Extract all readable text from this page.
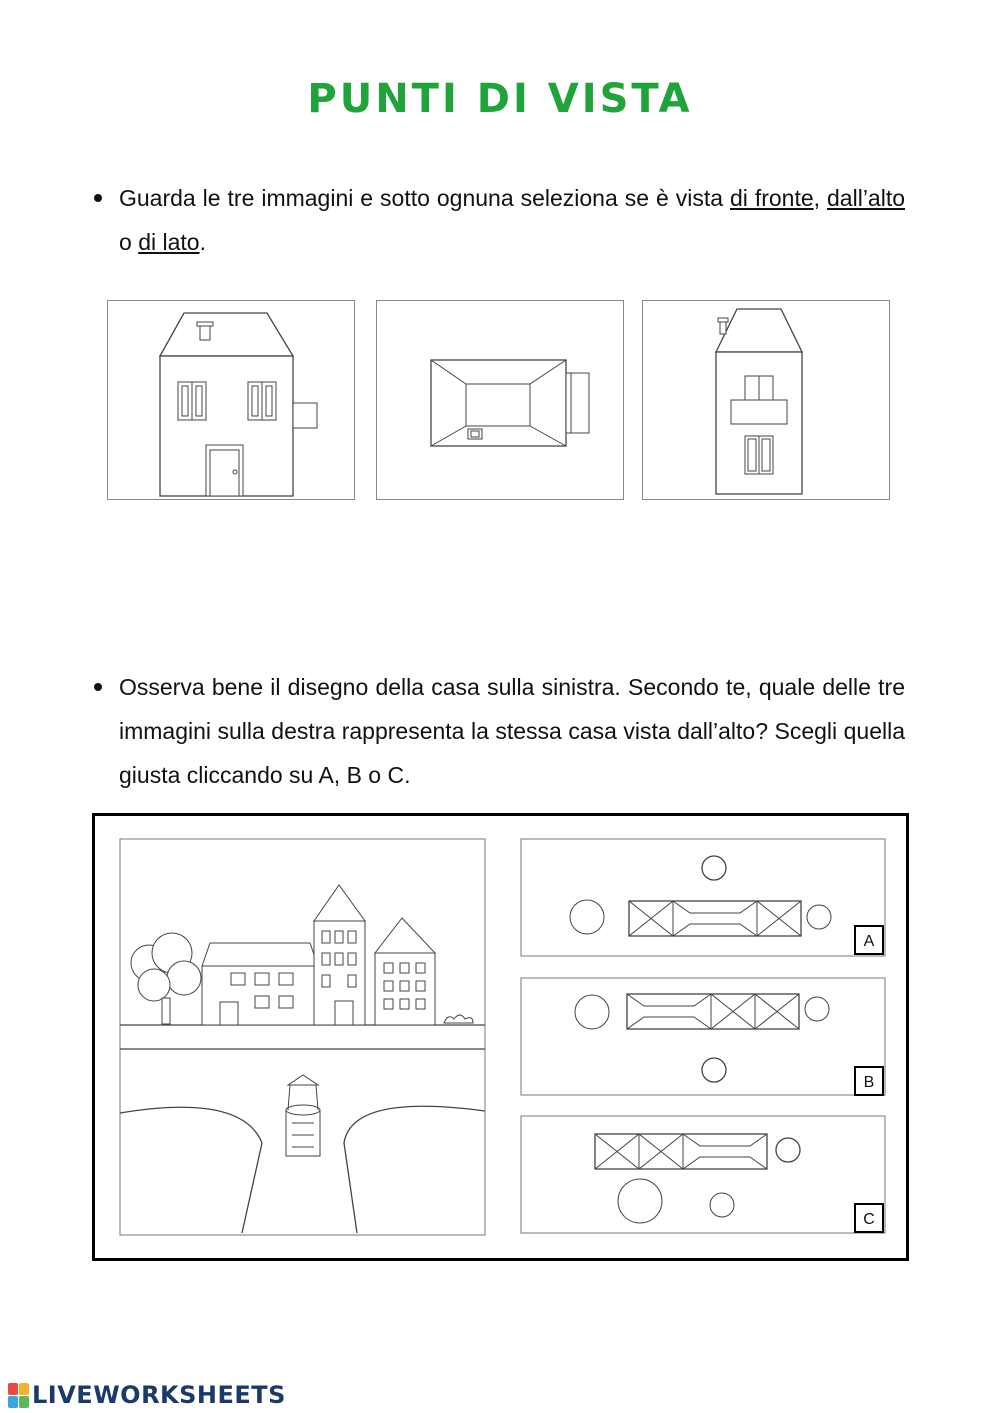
PUNTI DI VISTA
Guarda le tre immagini e sotto ognuna seleziona se è vista di fronte, dall’alto o di lato.
Osserva bene il disegno della casa sulla sinistra. Secondo te, quale delle tre immagini sulla destra rappresenta la stessa casa vista dall’alto? Scegli quella giusta cliccando su A, B o C.
A
B
C
LIVEWORKSHEETS
